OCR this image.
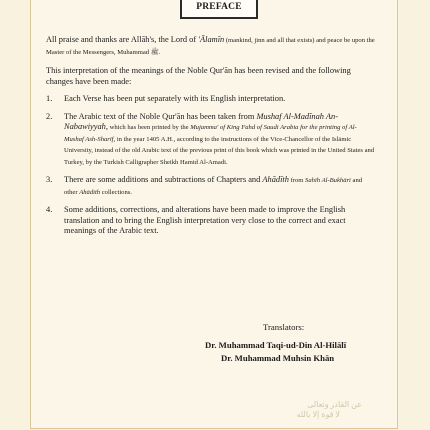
PREFACE

All praise and thanks are Allāh's, the Lord of 'Ālamīn (mankind, jinn and all that exists) and peace be upon the Master of the Messengers, Muhammad ﷺ.

This interpretation of the meanings of the Noble Qur'ān has been revised and the following changes have been made:

1.	Each Verse has been put separately with its English interpretation.
2.	The Arabic text of the Noble Qur'ān has been taken from Mushaf Al-Madīnah An-Nabawiyyah, which has been printed by the Mujamma' of King Fahd of Saudi Arabia for the printing of Al-Mushaf Ash-Sharīf, in the year 1405 A.H., according to the instructions of the Vice-Chancellor of the Islāmic University, instead of the old Arabic text of the previous print of this book which was printed in the United States and Turkey, by the Turkish Calligrapher Sheikh Hamid Al-Amadi.
3.	There are some additions and subtractions of Chapters and Ahādīth from Sahīh Al-Bukhārī and other Ahādīth collections.
4.	Some additions, corrections, and alterations have been made to improve the English translation and to bring the English interpretation very close to the correct and exact meanings of the Arabic text.
Translators:
Dr. Muhammad Taqi-ud-Din Al-Hilālī
Dr. Muhammad Muhsin Khān
عن القادر وتعالى
لا قوة إلا بالله
